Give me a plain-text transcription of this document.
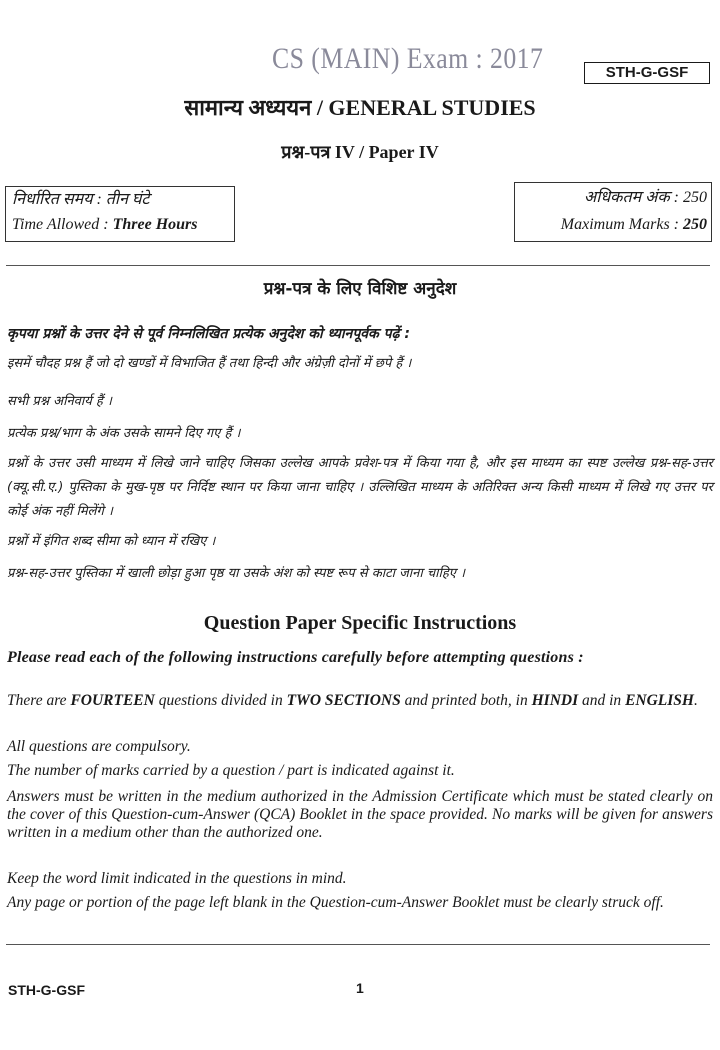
CS (MAIN) Exam : 2017	STH-G-GSF
सामान्य अध्ययन / GENERAL STUDIES
प्रश्न-पत्र IV / Paper IV
निर्धारित समय : तीन घंटे
Time Allowed : Three Hours
अधिकतम अंक : 250
Maximum Marks : 250
प्रश्न-पत्र के लिए विशिष्ट अनुदेश
कृपया प्रश्नों के उत्तर देने से पूर्व निम्नलिखित प्रत्येक अनुदेश को ध्यानपूर्वक पढ़ें :
इसमें चौदह प्रश्न हैं जो दो खण्डों में विभाजित हैं तथा हिन्दी और अंग्रेज़ी दोनों में छपे हैं ।
सभी प्रश्न अनिवार्य हैं ।
प्रत्येक प्रश्न/भाग के अंक उसके सामने दिए गए हैं ।
प्रश्नों के उत्तर उसी माध्यम में लिखे जाने चाहिए जिसका उल्लेख आपके प्रवेश-पत्र में किया गया है, और इस माध्यम का स्पष्ट उल्लेख प्रश्न-सह-उत्तर (क्यू.सी.ए.) पुस्तिका के मुख-पृष्ठ पर निर्दिष्ट स्थान पर किया जाना चाहिए । उल्लिखित माध्यम के अतिरिक्त अन्य किसी माध्यम में लिखे गए उत्तर पर कोई अंक नहीं मिलेंगे ।
प्रश्नों में इंगित शब्द सीमा को ध्यान में रखिए ।
प्रश्न-सह-उत्तर पुस्तिका में खाली छोड़ा हुआ पृष्ठ या उसके अंश को स्पष्ट रूप से काटा जाना चाहिए ।
Question Paper Specific Instructions
Please read each of the following instructions carefully before attempting questions :
There are FOURTEEN questions divided in TWO SECTIONS and printed both, in HINDI and in ENGLISH.
All questions are compulsory.
The number of marks carried by a question / part is indicated against it.
Answers must be written in the medium authorized in the Admission Certificate which must be stated clearly on the cover of this Question-cum-Answer (QCA) Booklet in the space provided. No marks will be given for answers written in a medium other than the authorized one.
Keep the word limit indicated in the questions in mind.
Any page or portion of the page left blank in the Question-cum-Answer Booklet must be clearly struck off.
STH-G-GSF	1
